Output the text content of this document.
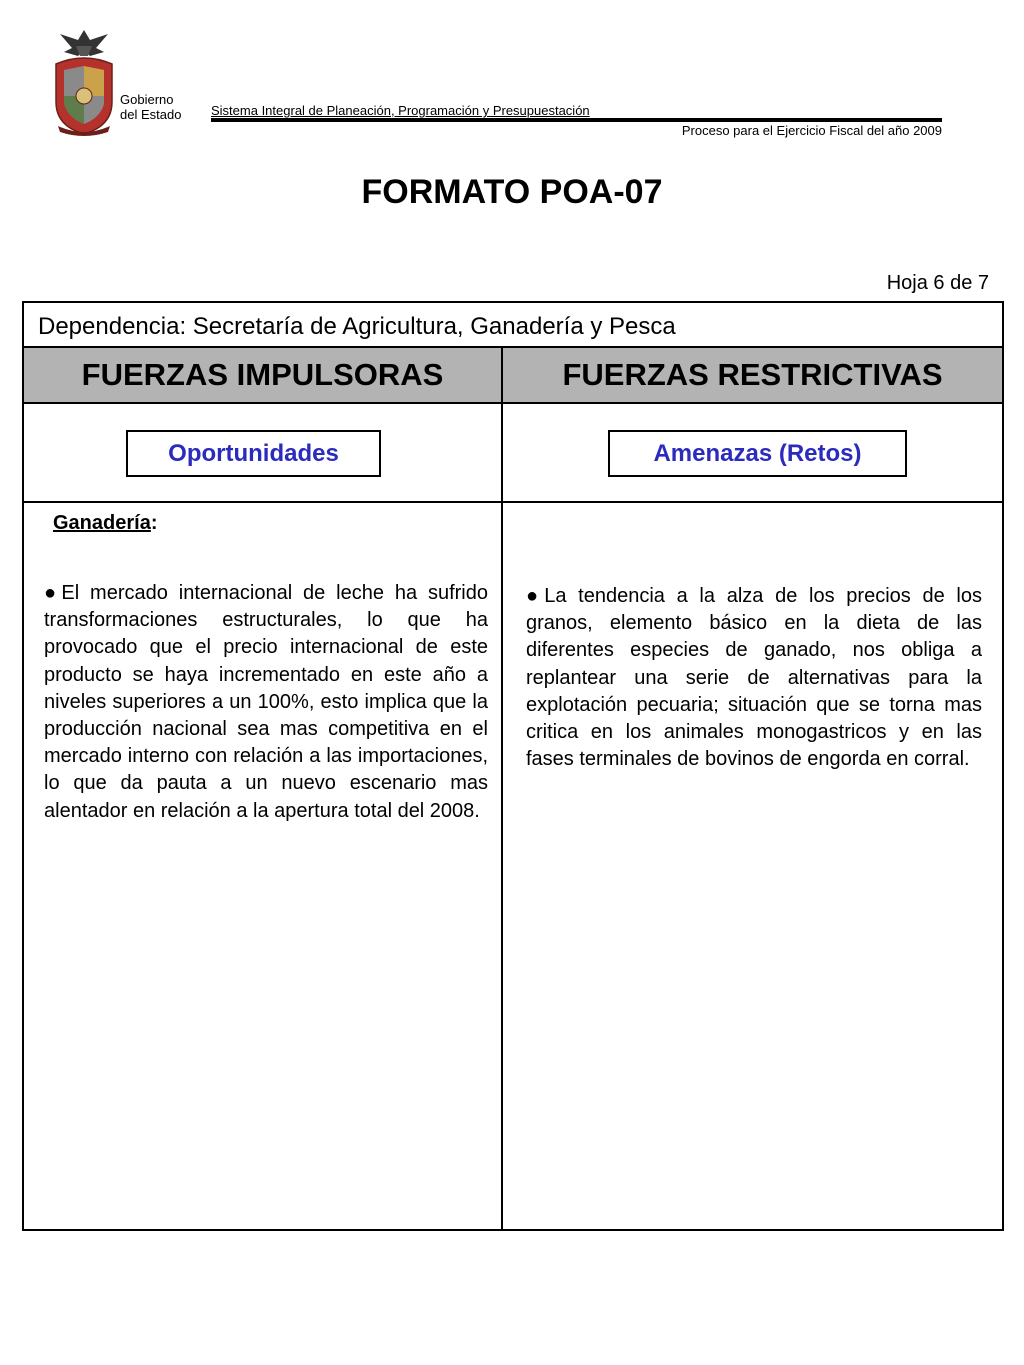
Gobierno
del Estado Sistema Integral de Planeación, Programación y Presupuestación
Proceso para el Ejercicio Fiscal del año 2009
FORMATO POA-07
Hoja 6 de 7
Dependencia: Secretaría de Agricultura, Ganadería y Pesca
FUERZAS IMPULSORAS	FUERZAS RESTRICTIVAS
Oportunidades	Amenazas (Retos)
Ganadería:
●El mercado internacional de leche ha sufrido transformaciones estructurales, lo que ha provocado que el precio internacional de este producto se haya incrementado en este año a niveles superiores a un 100%, esto implica que la producción nacional sea mas competitiva en el mercado interno con relación a las importaciones, lo que da pauta a un nuevo escenario mas alentador en relación a la apertura total del 2008.
●La tendencia a la alza de los precios de los granos, elemento básico en la dieta de las diferentes especies de ganado, nos obliga a replantear una serie de alternativas para la explotación pecuaria; situación que se torna mas critica en los animales monogastricos y en las fases terminales de bovinos de engorda en corral.
